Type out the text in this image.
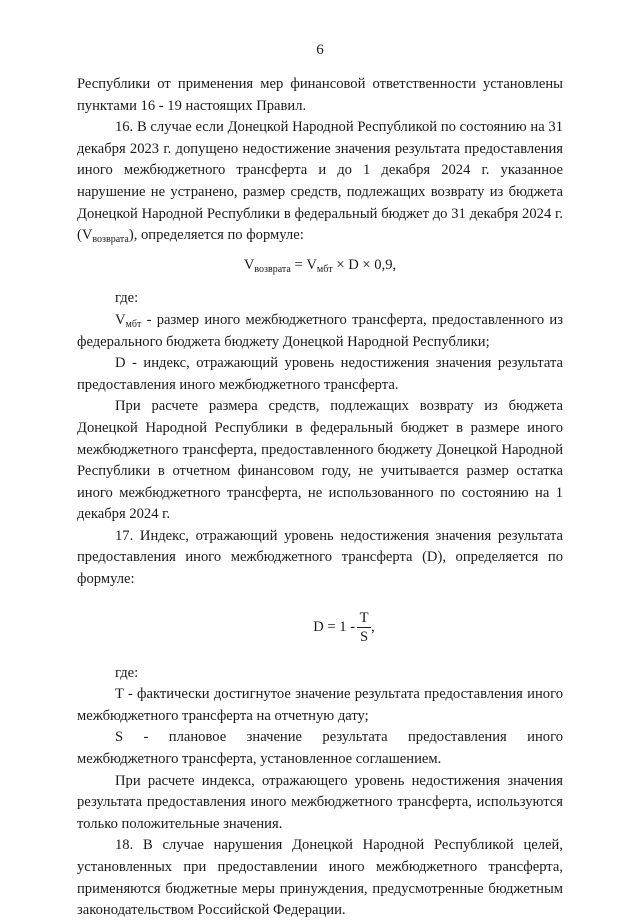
6

Республики от применения мер финансовой ответственности установлены пунктами 16 - 19 настоящих Правил.

16. В случае если Донецкой Народной Республикой по состоянию на 31 декабря 2023 г. допущено недостижение значения результата предоставления иного межбюджетного трансферта и до 1 декабря 2024 г. указанное нарушение не устранено, размер средств, подлежащих возврату из бюджета Донецкой Народной Республики в федеральный бюджет до 31 декабря 2024 г. $(V_{возврата})$, определяется по формуле:

$V_{возврата} = V_{мбт} \times D \times 0,9$,

где:

$V_{мбт}$ - размер иного межбюджетного трансферта, предоставленного из федерального бюджета бюджету Донецкой Народной Республики;

D - индекс, отражающий уровень недостижения значения результата предоставления иного межбюджетного трансферта.

При расчете размера средств, подлежащих возврату из бюджета Донецкой Народной Республики в федеральный бюджет в размере иного межбюджетного трансферта, предоставленного бюджету Донецкой Народной Республики в отчетном финансовом году, не учитывается размер остатка иного межбюджетного трансферта, не использованного по состоянию на 1 декабря 2024 г.

17. Индекс, отражающий уровень недостижения значения результата предоставления иного межбюджетного трансферта (D), определяется по формуле:

$D = 1 - \frac{T}{S}$ ,

где:

T - фактически достигнутое значение результата предоставления иного межбюджетного трансферта на отчетную дату;

S - плановое значение результата предоставления иного межбюджетного трансферта, установленное соглашением.

При расчете индекса, отражающего уровень недостижения значения результата предоставления иного межбюджетного трансферта, используются только положительные значения.

18. В случае нарушения Донецкой Народной Республикой целей, установленных при предоставлении иного межбюджетного трансферта, применяются бюджетные меры принуждения, предусмотренные бюджетным законодательством Российской Федерации.
